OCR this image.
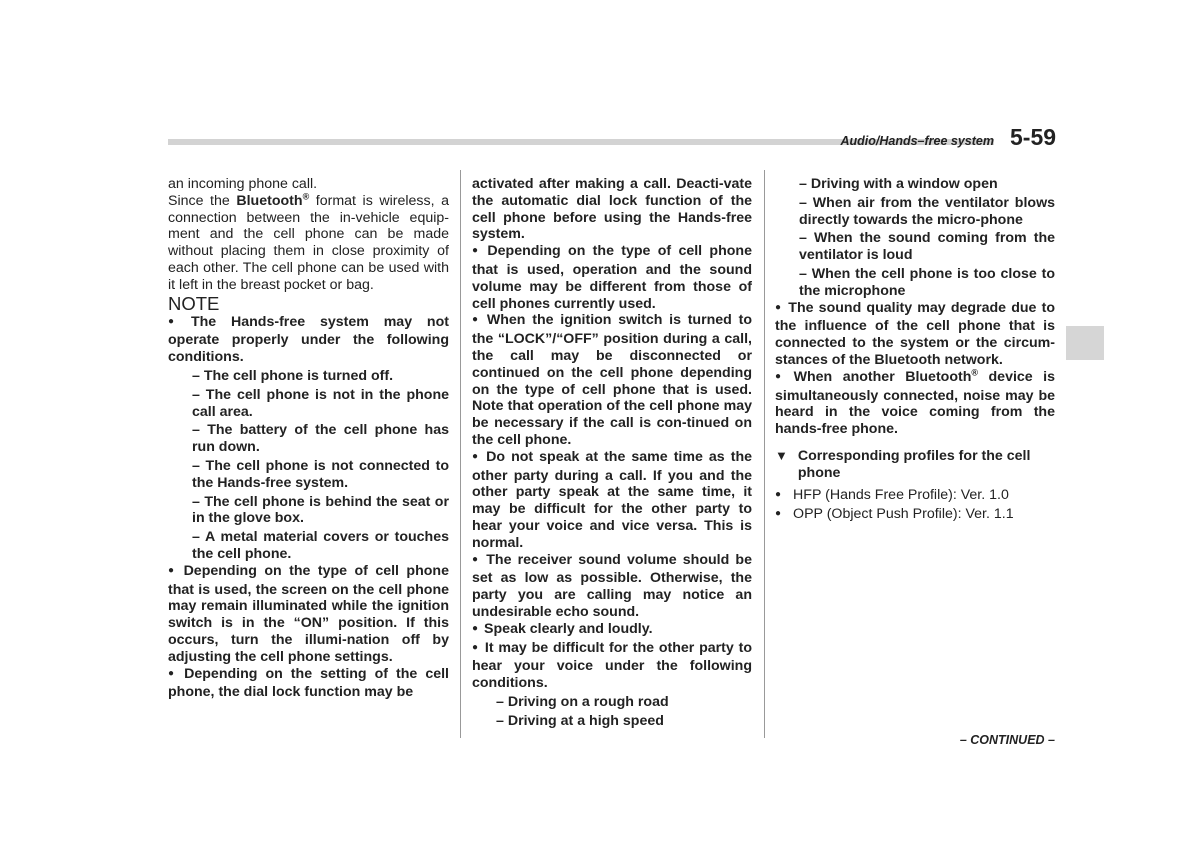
Audio/Hands–free system 5-59

an incoming phone call.

Since the Bluetooth® format is wireless, a connection between the in-vehicle equip-ment and the cell phone can be made without placing them in close proximity of each other. The cell phone can be used with it left in the breast pocket or bag.

NOTE

● The Hands-free system may not operate properly under the following conditions.

– The cell phone is turned off.

– The cell phone is not in the phone call area.

– The battery of the cell phone has run down.

– The cell phone is not connected to the Hands-free system.

– The cell phone is behind the seat or in the glove box.

– A metal material covers or touches the cell phone.

● Depending on the type of cell phone that is used, the screen on the cell phone may remain illuminated while the ignition switch is in the “ON” position. If this occurs, turn the illumi-nation off by adjusting the cell phone settings.

● Depending on the setting of the cell phone, the dial lock function may be

activated after making a call. Deacti-vate the automatic dial lock function of the cell phone before using the Hands-free system.

● Depending on the type of cell phone that is used, operation and the sound volume may be different from those of cell phones currently used.

● When the ignition switch is turned to the “LOCK”/“OFF” position during a call, the call may be disconnected or continued on the cell phone depending on the type of cell phone that is used. Note that operation of the cell phone may be necessary if the call is con-tinued on the cell phone.

● Do not speak at the same time as the other party during a call. If you and the other party speak at the same time, it may be difficult for the other party to hear your voice and vice versa. This is normal.

● The receiver sound volume should be set as low as possible. Otherwise, the party you are calling may notice an undesirable echo sound.

● Speak clearly and loudly.

● It may be difficult for the other party to hear your voice under the following conditions.

– Driving on a rough road

– Driving at a high speed

– Driving with a window open

– When air from the ventilator blows directly towards the micro-phone

– When the sound coming from the ventilator is loud

– When the cell phone is too close to the microphone

● The sound quality may degrade due to the influence of the cell phone that is connected to the system or the circum-stances of the Bluetooth network.

● When another Bluetooth® device is simultaneously connected, noise may be heard in the voice coming from the hands-free phone.

▼ Corresponding profiles for the cell phone
● HFP (Hands Free Profile): Ver. 1.0
● OPP (Object Push Profile): Ver. 1.1
– CONTINUED –
